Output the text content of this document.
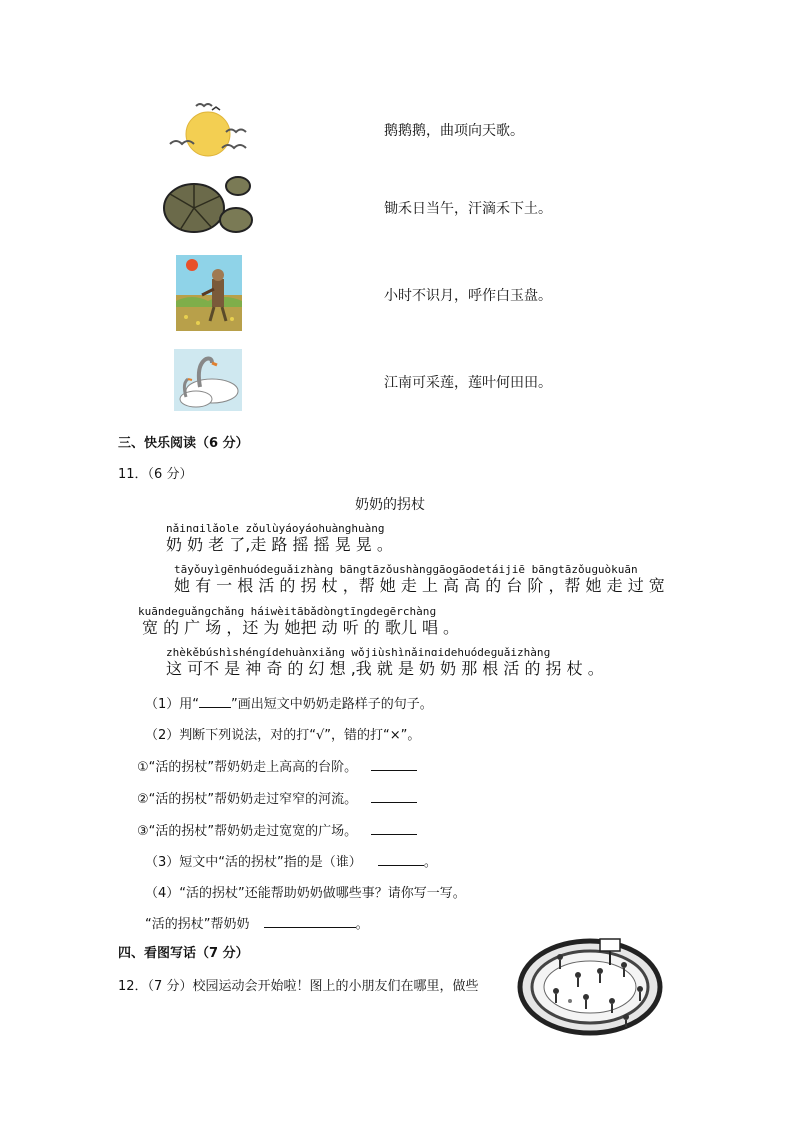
鹅鹅鹅，曲项向天歌。
锄禾日当午，汗滴禾下土。
小时不识月，呼作白玉盘。
江南可采莲，莲叶何田田。
三、快乐阅读（6 分）
11．（6 分）
奶奶的拐杖
nǎinɑilǎole zǒulùyáoyáohuànghuàng
奶 奶 老 了,走 路 摇 摇 晃 晃 。
tāyǒuyìɡēnhuódeɡuǎizhànɡ bānɡtāzǒushànɡɡāoɡāodetáijiē bānɡtāzǒuɡuòkuān
她 有 一 根 活 的 拐 杖 ，帮 她 走 上 高 高 的 台 阶 ，帮 她 走 过 宽
kuāndeɡuǎnɡchǎnɡ háiwèitābǎdònɡtīnɡdeɡērchànɡ
宽 的 广 场 ，还 为 她把 动 听 的 歌儿 唱 。
zhèkěbúshìshénɡídehuànxiǎnɡ wǒjiùshìnǎinɑidehuódeɡuǎizhànɡ
这 可不 是 神 奇 的 幻 想 ,我 就 是 奶 奶 那 根 活 的 拐 杖 。
（1）用“ ”画出短文中奶奶走路样子的句子。
（2）判断下列说法，对的打“√”，错的打“×”。
①“活的拐杖”帮奶奶走上高高的台阶。
②“活的拐杖”帮奶奶走过窄窄的河流。
③“活的拐杖”帮奶奶走过宽宽的广场。
（3）短文中“活的拐杖”指的是（谁）	。
（4）“活的拐杖”还能帮助奶奶做哪些事？请你写一写。
“活的拐杖”帮奶奶	。
四、看图写话（7 分）
12．（7 分）校园运动会开始啦！图上的小朋友们在哪里，做些
